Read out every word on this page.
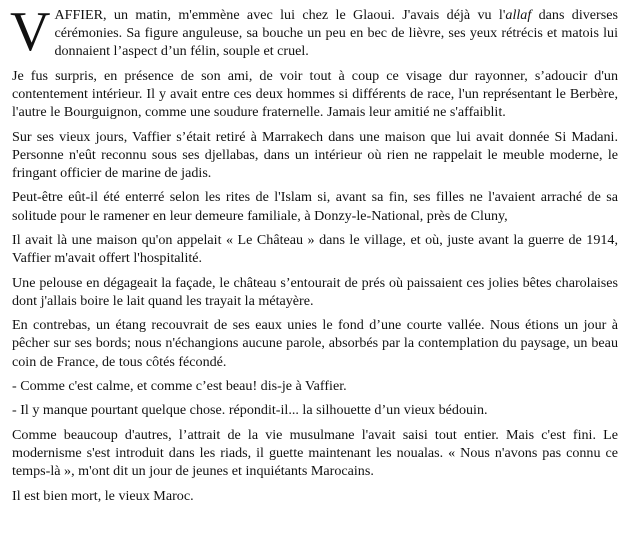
V AFFIER, un matin, m'emmène avec lui chez le Glaoui. J'avais déjà vu l'allaf dans diverses cérémonies. Sa figure anguleuse, sa bouche un peu en bec de lièvre, ses yeux rétrécis et matois lui donnaient l’aspect d’un félin, souple et cruel.

Je fus surpris, en présence de son ami, de voir tout à coup ce visage dur rayonner, s’adoucir d'un contentement intérieur. Il y avait entre ces deux hommes si différents de race, l'un représentant le Berbère, l'autre le Bourguignon, comme une soudure fraternelle. Jamais leur amitié ne s'affaiblit.

Sur ses vieux jours, Vaffier s’était retiré à Marrakech dans une maison que lui avait donnée Si Madani. Personne n'eût reconnu sous ses djellabas, dans un intérieur où rien ne rappelait le meuble moderne, le fringant officier de marine de jadis.

Peut-être eût-il été enterré selon les rites de l'Islam si, avant sa fin, ses filles ne l'avaient arraché de sa solitude pour le ramener en leur demeure familiale, à Donzy-le-National, près de Cluny,

Il avait là une maison qu'on appelait « Le Château » dans le village, et où, juste avant la guerre de 1914, Vaffier m'avait offert l'hospitalité.

Une pelouse en dégageait la façade, le château s’entourait de prés où paissaient ces jolies bêtes charolaises dont j'allais boire le lait quand les trayait la métayère.

En contrebas, un étang recouvrait de ses eaux unies le fond d’une courte vallée. Nous étions un jour à pêcher sur ses bords; nous n'échangions aucune parole, absorbés par la contemplation du paysage, un beau coin de France, de tous côtés fécondé.

- Comme c'est calme, et comme c’est beau! dis-je à Vaffier.

- Il y manque pourtant quelque chose. répondit-il... la silhouette d’un vieux bédouin.

Comme beaucoup d'autres, l’attrait de la vie musulmane l'avait saisi tout entier. Mais c'est fini. Le modernisme s'est introduit dans les riads, il guette maintenant les noualas. « Nous n'avons pas connu ce temps-là », m'ont dit un jour de jeunes et inquiétants Marocains.

Il est bien mort, le vieux Maroc.
